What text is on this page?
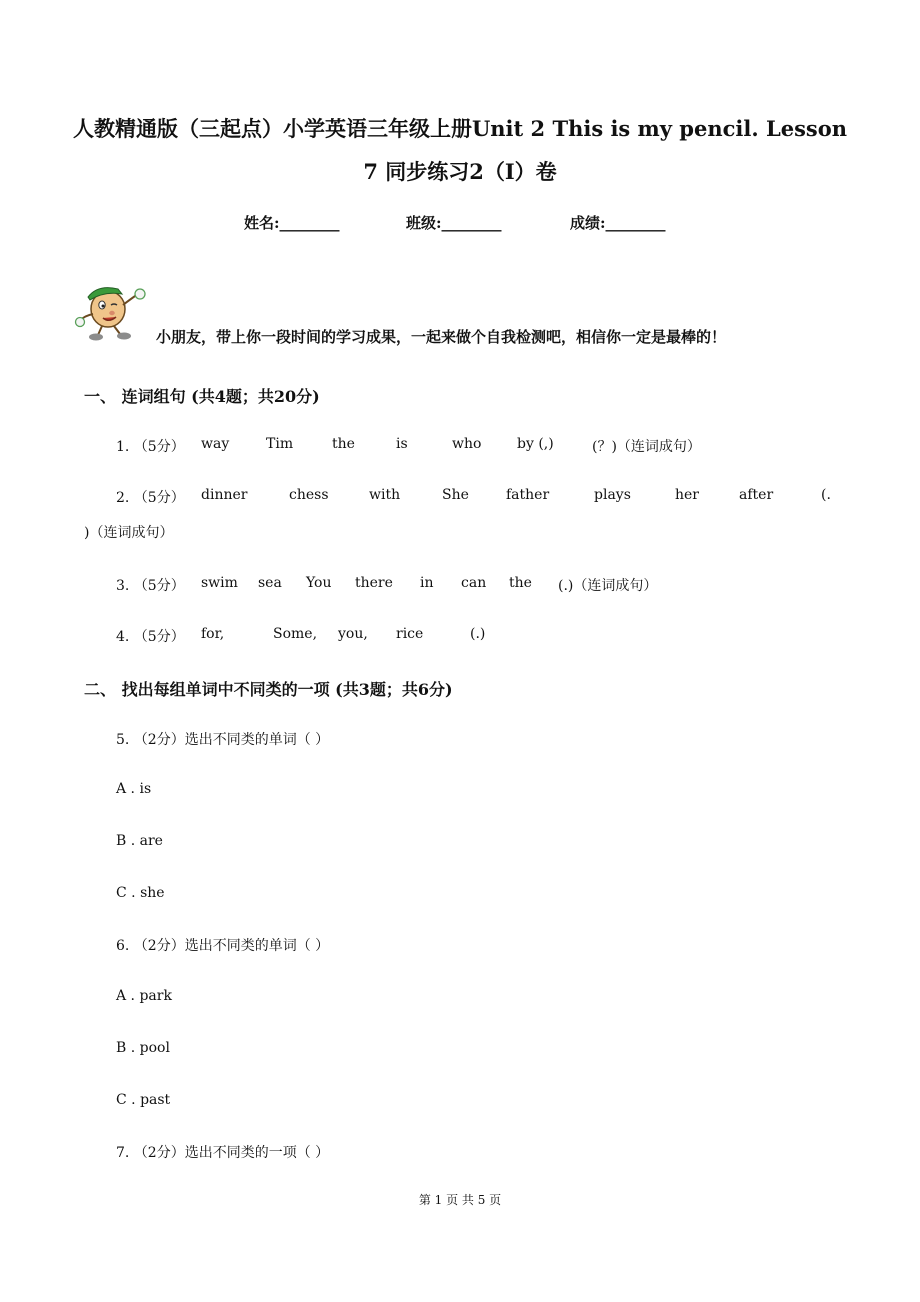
人教精通版（三起点）小学英语三年级上册Unit 2 This is my pencil. Lesson
7 同步练习2（I）卷
姓名:________	班级:________	成绩:________
小朋友，带上你一段时间的学习成果，一起来做个自我检测吧，相信你一定是最棒的！
一、 连词组句 (共4题；共20分)
1. （5分） way	Tim	the	is	who	by (,)	(？)（连词成句）
2. （5分） dinner	chess	with	She	father	plays	her	after	(.
)（连词成句）
3. （5分） swim sea You there in can the (.)（连词成句）
4. （5分） for,	Some, you, rice	(.)
二、 找出每组单词中不同类的一项 (共3题；共6分)
5. （2分）选出不同类的单词（ ）
A . is
B . are
C . she
6. （2分）选出不同类的单词（ ）
A . park
B . pool
C . past
7. （2分）选出不同类的一项（ ）
第 1 页 共 5 页
